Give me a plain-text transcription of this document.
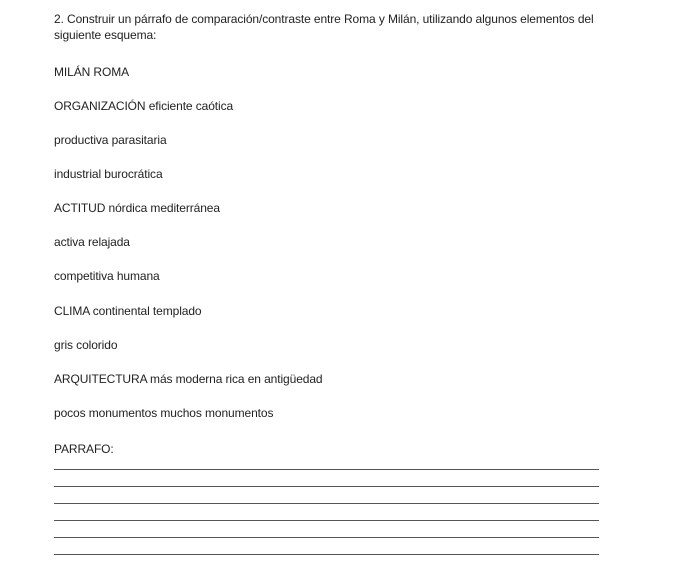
2. Construir un párrafo de comparación/contraste entre Roma y Milán, utilizando algunos elementos del siguiente esquema:
MILÁN ROMA
ORGANIZACIÓN eficiente caótica
productiva parasitaria
industrial burocrática
ACTITUD nórdica mediterránea
activa relajada
competitiva humana
CLIMA continental templado
gris colorido
ARQUITECTURA más moderna rica en antigüedad
pocos monumentos muchos monumentos
PARRAFO:
